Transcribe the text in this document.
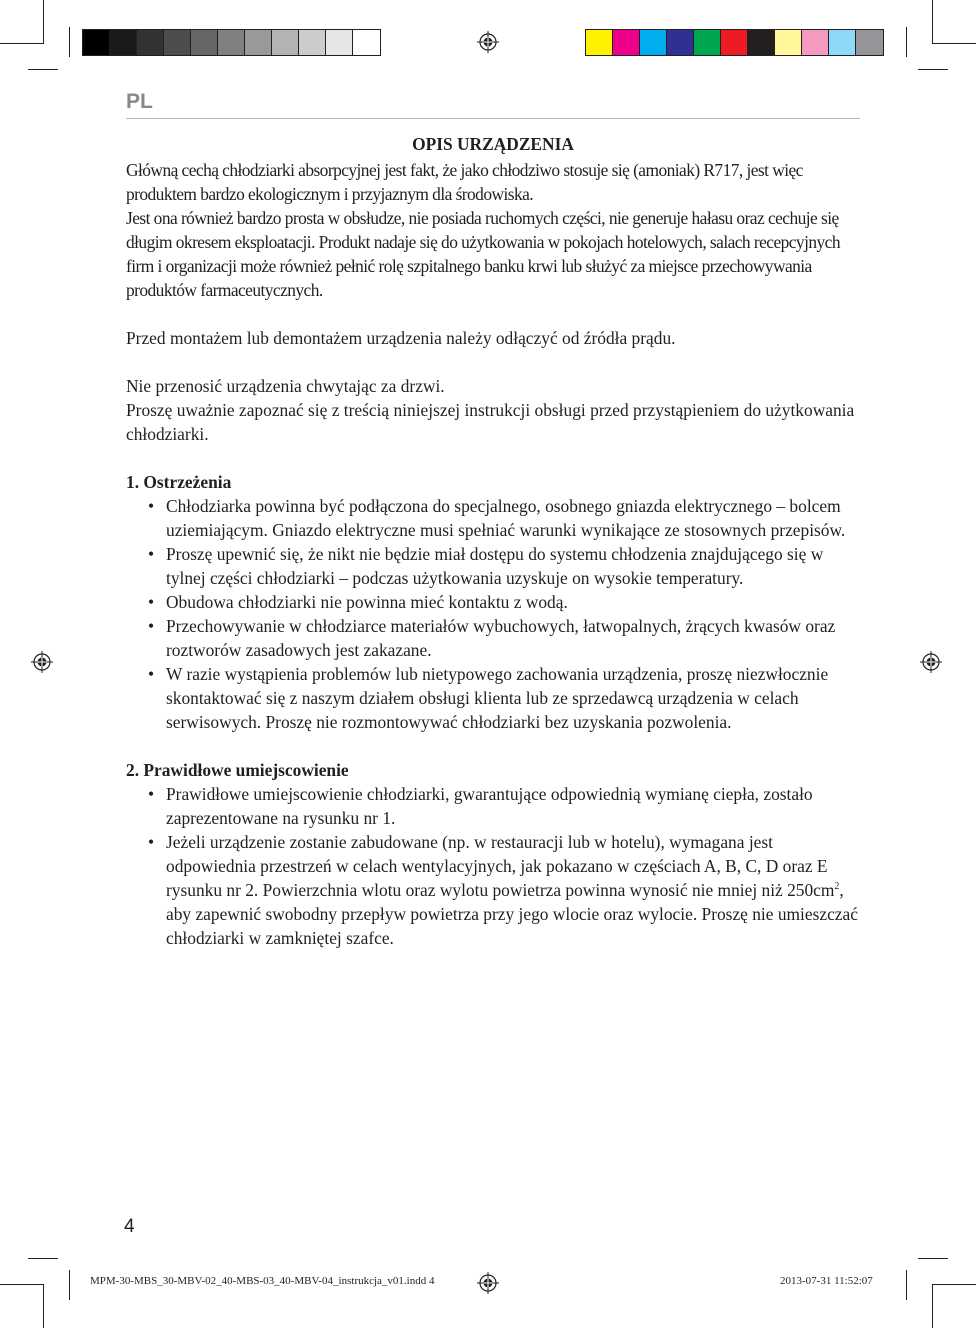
PL
OPIS URZĄDZENIA

Główną cechą chłodziarki absorpcyjnej jest fakt, że jako chłodziwo stosuje się (amoniak) R717, jest więc produktem bardzo ekologicznym i przyjaznym dla środowiska.

Jest ona również bardzo prosta w obsłudze, nie posiada ruchomych części, nie generuje hałasu oraz cechuje się długim okresem eksploatacji. Produkt nadaje się do użytkowania w pokojach hotelowych, salach recepcyjnych firm i organizacji może również pełnić rolę szpitalnego banku krwi lub służyć za miejsce przechowywania produktów farmaceutycznych.

Przed montażem lub demontażem urządzenia należy odłączyć od źródła prądu.

Nie przenosić urządzenia chwytając za drzwi.

Proszę uważnie zapoznać się z treścią niniejszej instrukcji obsługi przed przystąpieniem do użytkowania chłodziarki.

1. Ostrzeżenia

• Chłodziarka powinna być podłączona do specjalnego, osobnego gniazda elektrycznego – bolcem uziemiającym. Gniazdo elektryczne musi spełniać warunki wynikające ze stosownych przepisów.
• Proszę upewnić się, że nikt nie będzie miał dostępu do systemu chłodzenia znajdującego się w tylnej części chłodziarki – podczas użytkowania uzyskuje on wysokie temperatury.
• Obudowa chłodziarki nie powinna mieć kontaktu z wodą.
• Przechowywanie w chłodziarce materiałów wybuchowych, łatwopalnych, żrących kwasów oraz roztworów zasadowych jest zakazane.
• W razie wystąpienia problemów lub nietypowego zachowania urządzenia, proszę niezwłocznie skontaktować się z naszym działem obsługi klienta lub ze sprzedawcą urządzenia w celach serwisowych. Proszę nie rozmontowywać chłodziarki bez uzyskania pozwolenia.

2. Prawidłowe umiejscowienie

• Prawidłowe umiejscowienie chłodziarki, gwarantujące odpowiednią wymianę ciepła, zostało zaprezentowane na rysunku nr 1.
• Jeżeli urządzenie zostanie zabudowane (np. w restauracji lub w hotelu), wymagana jest odpowiednia przestrzeń w celach wentylacyjnych, jak pokazano w częściach A, B, C, D oraz E rysunku nr 2. Powierzchnia wlotu oraz wylotu powietrza powinna wynosić nie mniej niż $250cm^2$, aby zapewnić swobodny przepływ powietrza przy jego wlocie oraz wylocie. Proszę nie umieszczać chłodziarki w zamkniętej szafce.
4
MPM-30-MBS_30-MBV-02_40-MBS-03_40-MBV-04_instrukcja_v01.indd 4	2013-07-31 11:52:07
